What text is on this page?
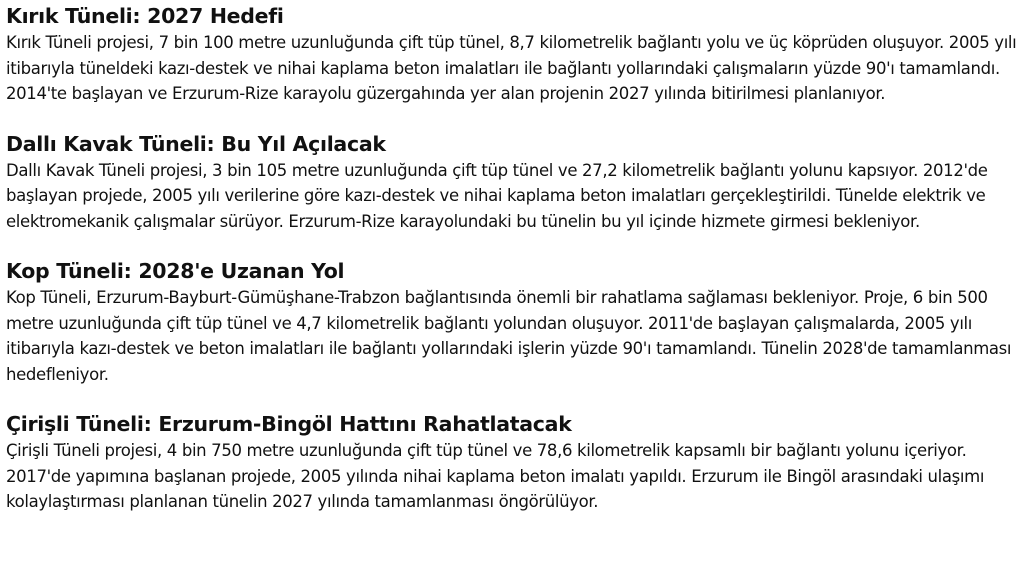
Kırık Tüneli: 2027 Hedefi

Kırık Tüneli projesi, 7 bin 100 metre uzunluğunda çift tüp tünel, 8,7 kilometrelik bağlantı yolu ve üç köprüden oluşuyor. 2005 yılı itibarıyla tüneldeki kazı-destek ve nihai kaplama beton imalatları ile bağlantı yollarındaki çalışmaların yüzde 90'ı tamamlandı. 2014'te başlayan ve Erzurum-Rize karayolu güzergahında yer alan projenin 2027 yılında bitirilmesi planlanıyor.

Dallı Kavak Tüneli: Bu Yıl Açılacak

Dallı Kavak Tüneli projesi, 3 bin 105 metre uzunluğunda çift tüp tünel ve 27,2 kilometrelik bağlantı yolunu kapsıyor. 2012'de başlayan projede, 2005 yılı verilerine göre kazı-destek ve nihai kaplama beton imalatları gerçekleştirildi. Tünelde elektrik ve elektromekanik çalışmalar sürüyor. Erzurum-Rize karayolundaki bu tünelin bu yıl içinde hizmete girmesi bekleniyor.

Kop Tüneli: 2028'e Uzanan Yol

Kop Tüneli, Erzurum-Bayburt-Gümüşhane-Trabzon bağlantısında önemli bir rahatlama sağlaması bekleniyor. Proje, 6 bin 500 metre uzunluğunda çift tüp tünel ve 4,7 kilometrelik bağlantı yolundan oluşuyor. 2011'de başlayan çalışmalarda, 2005 yılı itibarıyla kazı-destek ve beton imalatları ile bağlantı yollarındaki işlerin yüzde 90'ı tamamlandı. Tünelin 2028'de tamamlanması hedefleniyor.

Çirişli Tüneli: Erzurum-Bingöl Hattını Rahatlatacak

Çirişli Tüneli projesi, 4 bin 750 metre uzunluğunda çift tüp tünel ve 78,6 kilometrelik kapsamlı bir bağlantı yolunu içeriyor. 2017'de yapımına başlanan projede, 2005 yılında nihai kaplama beton imalatı yapıldı. Erzurum ile Bingöl arasındaki ulaşımı kolaylaştırması planlanan tünelin 2027 yılında tamamlanması öngörülüyor.
